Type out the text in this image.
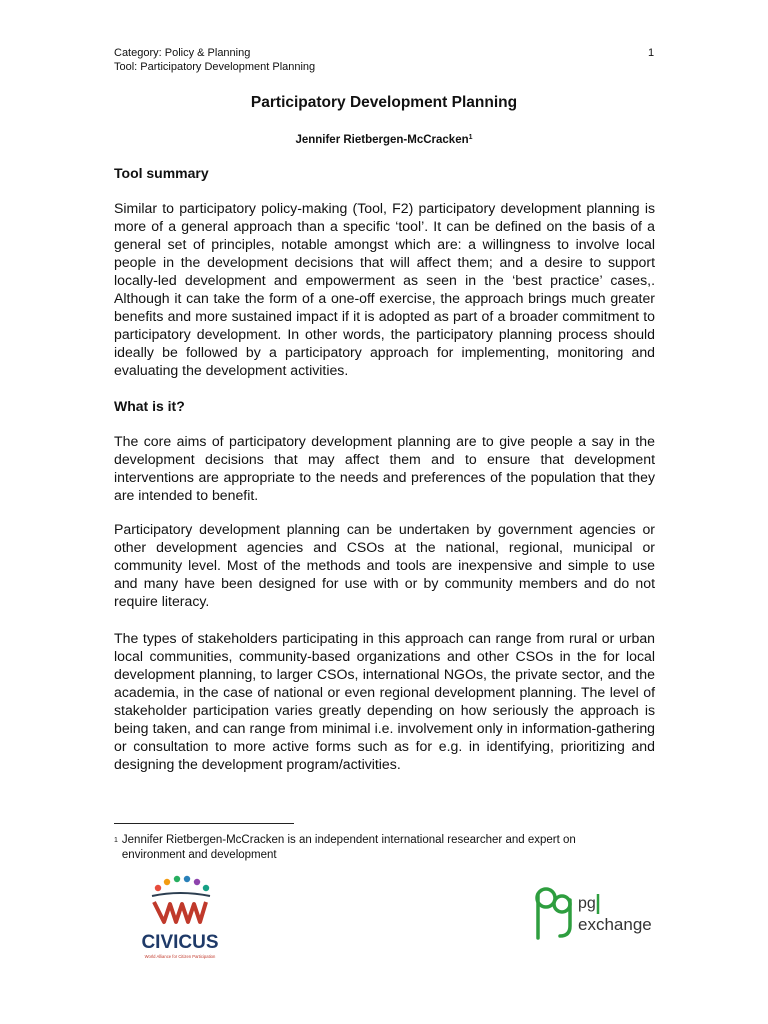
Category: Policy & Planning
Tool: Participatory Development Planning
1
Participatory Development Planning
Jennifer Rietbergen-McCracken$^1$
Tool summary

Similar to participatory policy-making (Tool, F2) participatory development planning is more of a general approach than a specific ‘tool’. It can be defined on the basis of a general set of principles, notable amongst which are: a willingness to involve local people in the development decisions that will affect them; and a desire to support locally-led development and empowerment as seen in the ‘best practice’ cases,. Although it can take the form of a one-off exercise, the approach brings much greater benefits and more sustained impact if it is adopted as part of a broader commitment to participatory development. In other words, the participatory planning process should ideally be followed by a participatory approach for implementing, monitoring and evaluating the development activities.

What is it?

The core aims of participatory development planning are to give people a say in the development decisions that may affect them and to ensure that development interventions are appropriate to the needs and preferences of the population that they are intended to benefit.

Participatory development planning can be undertaken by government agencies or other development agencies and CSOs at the national, regional, municipal or community level. Most of the methods and tools are inexpensive and simple to use and many have been designed for use with or by community members and do not require literacy.

The types of stakeholders participating in this approach can range from rural or urban local communities, community-based organizations and other CSOs in the for local development planning, to larger CSOs, international NGOs, the private sector, and the academia, in the case of national or even regional development planning. The level of stakeholder participation varies greatly depending on how seriously the approach is being taken, and can range from minimal i.e. involvement only in information-gathering or consultation to more active forms such as for e.g. in identifying, prioritizing and designing the development program/activities.

$^1$ Jennifer Rietbergen-McCracken is an independent international researcher and expert on environment and development
CIVICUS
World Alliance for Citizen Participation
pg
exchange
